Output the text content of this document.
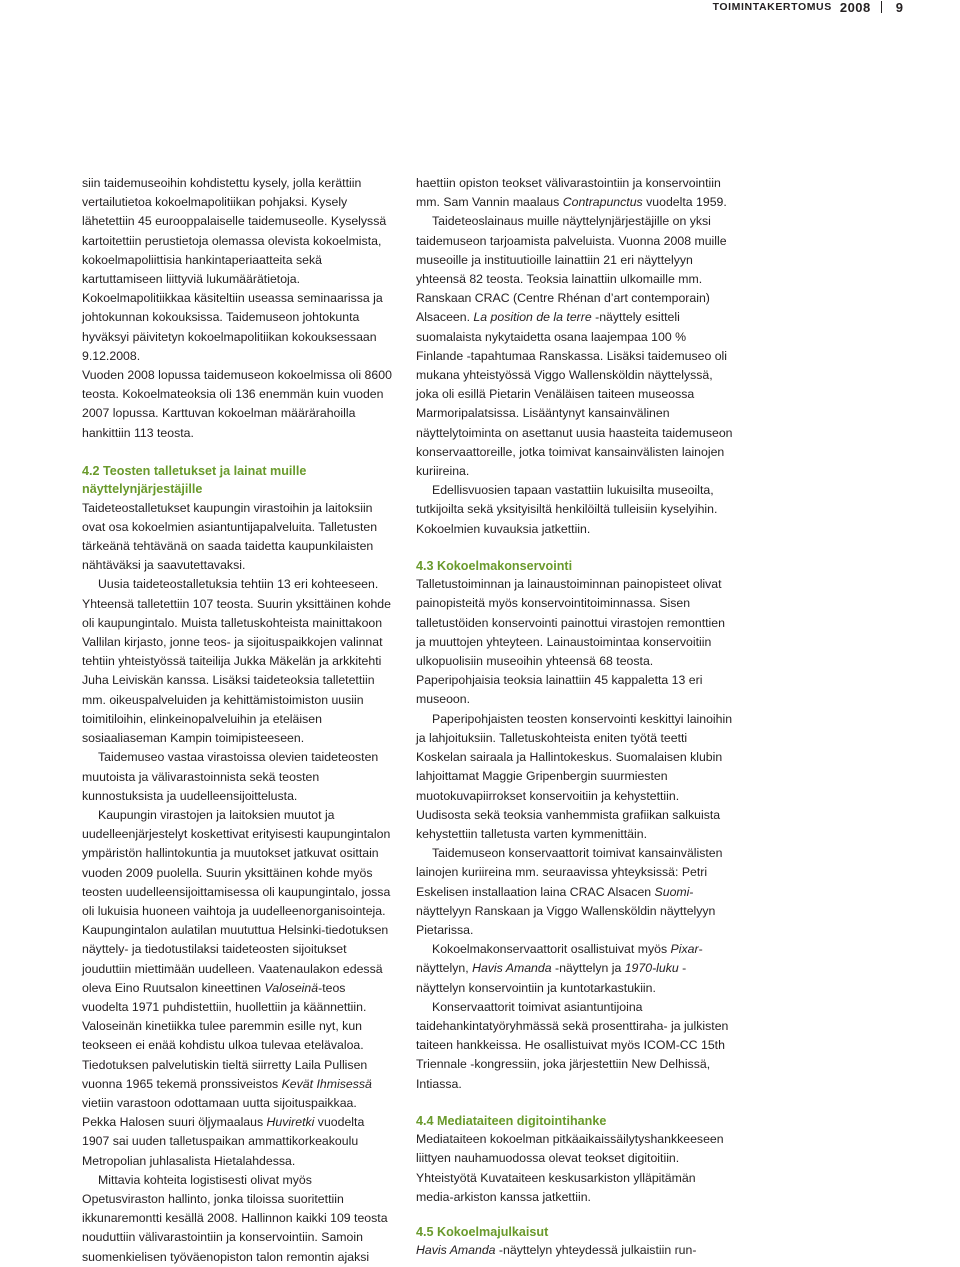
TOIMINTAKERTOMUS 2008 9

siin taidemuseoihin kohdistettu kysely, jolla kerättiin vertailutietoa kokoelmapolitiikan pohjaksi. Kysely lähetettiin 45 eurooppalaiselle taidemuseolle. Kyselyssä kartoitettiin perustietoja olemassa olevista kokoelmista, kokoelmapoliittisia hankintaperiaatteita sekä kartuttamiseen liittyviä lukumäärätietoja. Kokoelmapolitiikkaa käsiteltiin useassa seminaarissa ja johtokunnan kokouksissa. Taidemuseon johtokunta hyväksyi päivitetyn kokoelmapolitiikan kokouksessaan 9.12.2008.

Vuoden 2008 lopussa taidemuseon kokoelmissa oli 8600 teosta. Kokoelmateoksia oli 136 enemmän kuin vuoden 2007 lopussa. Karttuvan kokoelman määrärahoilla hankittiin 113 teosta.

4.2 Teosten talletukset ja lainat muille näyttelynjärjestäjille

Taideteostalletukset kaupungin virastoihin ja laitoksiin ovat osa kokoelmien asiantuntijapalveluita. Talletusten tärkeänä tehtävänä on saada taidetta kaupunkilaisten nähtäväksi ja saavutettavaksi.

Uusia taideteostalletuksia tehtiin 13 eri kohteeseen. Yhteensä talletettiin 107 teosta. Suurin yksittäinen kohde oli kaupungintalo. Muista talletuskohteista mainittakoon Vallilan kirjasto, jonne teos- ja sijoituspaikkojen valinnat tehtiin yhteistyössä taiteilija Jukka Mäkelän ja arkkitehti Juha Leiviskän kanssa. Lisäksi taideteoksia talletettiin mm. oikeuspalveluiden ja kehittämistoimiston uusiin toimitiloihin, elinkeinopalveluihin ja eteläisen sosiaaliaseman Kampin toimipisteeseen.

Taidemuseo vastaa virastoissa olevien taideteosten muutoista ja välivarastoinnista sekä teosten kunnostuksista ja uudelleensijoittelusta.

Kaupungin virastojen ja laitoksien muutot ja uudelleenjärjestelyt koskettivat erityisesti kaupungintalon ympäristön hallintokuntia ja muutokset jatkuvat osittain vuoden 2009 puolella. Suurin yksittäinen kohde myös teosten uudelleensijoittamisessa oli kaupungintalo, jossa oli lukuisia huoneen vaihtoja ja uudelleenorganisointeja. Kaupungintalon aulatilan muututtua Helsinki-tiedotuksen näyttely- ja tiedotustilaksi taideteosten sijoitukset jouduttiin miettimään uudelleen. Vaatenaulakon edessä oleva Eino Ruutsalon kineettinen Valoseinä-teos vuodelta 1971 puhdistettiin, huollettiin ja käännettiin. Valoseinän kinetiikka tulee paremmin esille nyt, kun teokseen ei enää kohdistu ulkoa tulevaa etelävaloa. Tiedotuksen palvelutiskin tieltä siirretty Laila Pullisen vuonna 1965 tekemä pronssiveistos Kevät Ihmisessä vietiin varastoon odottamaan uutta sijoituspaikkaa. Pekka Halosen suuri öljymaalaus Huviretki vuodelta 1907 sai uuden talletuspaikan ammattikorkeakoulu Metropolian juhlasalista Hietalahdessa.

Mittavia kohteita logistisesti olivat myös Opetusviraston hallinto, jonka tiloissa suoritettiin ikkunaremontti kesällä 2008. Hallinnon kaikki 109 teosta nouduttiin välivarastointiin ja konservointiin. Samoin suomenkielisen työväenopiston talon remontin ajaksi

haettiin opiston teokset välivarastointiin ja konservointiin mm. Sam Vannin maalaus Contrapunctus vuodelta 1959.

Taideteoslainaus muille näyttelynjärjestäjille on yksi taidemuseon tarjoamista palveluista. Vuonna 2008 muille museoille ja instituutioille lainattiin 21 eri näyttelyyn yhteensä 82 teosta. Teoksia lainattiin ulkomaille mm. Ranskaan CRAC (Centre Rhénan d’art contemporain) Alsaceen. La position de la terre -näyttely esitteli suomalaista nykytaidetta osana laajempaa 100 % Finlande -tapahtumaa Ranskassa. Lisäksi taidemuseo oli mukana yhteistyössä Viggo Wallensköldin näyttelyssä, joka oli esillä Pietarin Venäläisen taiteen museossa Marmoripalatsissa. Lisääntynyt kansainvälinen näyttelytoiminta on asettanut uusia haasteita taidemuseon konservaattoreille, jotka toimivat kansainvälisten lainojen kuriireina.

Edellisvuosien tapaan vastattiin lukuisilta museoilta, tutkijoilta sekä yksityisiltä henkilöiltä tulleisiin kyselyihin. Kokoelmien kuvauksia jatkettiin.

4.3 Kokoelmakonservointi

Talletustoiminnan ja lainaustoiminnan painopisteet olivat painopisteitä myös konservointitoiminnassa. Sisen talletustöiden konservointi painottui virastojen remonttien ja muuttojen yhteyteen. Lainaustoimintaa konservoitiin ulkopuolisiin museoihin yhteensä 68 teosta. Paperipohjaisia teoksia lainattiin 45 kappaletta 13 eri museoon.

Paperipohjaisten teosten konservointi keskittyi lainoihin ja lahjoituksiin. Talletuskohteista eniten työtä teetti Koskelan sairaala ja Hallintokeskus. Suomalaisen klubin lahjoittamat Maggie Gripenbergin suurmiesten muotokuvapiirrokset konservoitiin ja kehystettiin. Uudisosta sekä teoksia vanhemmista grafiikan salkuista kehystettiin talletusta varten kymmenittäin.

Taidemuseon konservaattorit toimivat kansainvälisten lainojen kuriireina mm. seuraavissa yhteyksissä: Petri Eskelisen installaation laina CRAC Alsacen Suomi-näyttelyyn Ranskaan ja Viggo Wallensköldin näyttelyyn Pietarissa.

Kokoelmakonservaattorit osallistuivat myös Pixar-näyttelyn, Havis Amanda -näyttelyn ja 1970-luku -näyttelyn konservointiin ja kuntotarkastukiin.

Konservaattorit toimivat asiantuntijoina taidehankintatyöryhmässä sekä prosenttiraha- ja julkisten taiteen hankkeissa. He osallistuivat myös ICOM-CC 15th Triennale -kongressiin, joka järjestettiin New Delhissä, Intiassa.

4.4 Mediataiteen digitointihanke

Mediataiteen kokoelman pitkäaikaissäilytyshankkeeseen liittyen nauhamuodossa olevat teokset digitoitiin. Yhteistyötä Kuvataiteen keskusarkiston ylläpitämän media-arkiston kanssa jatkettiin.

4.5 Kokoelmajulkaisut

Havis Amanda -näyttelyn yhteydessä julkaistiin run-
